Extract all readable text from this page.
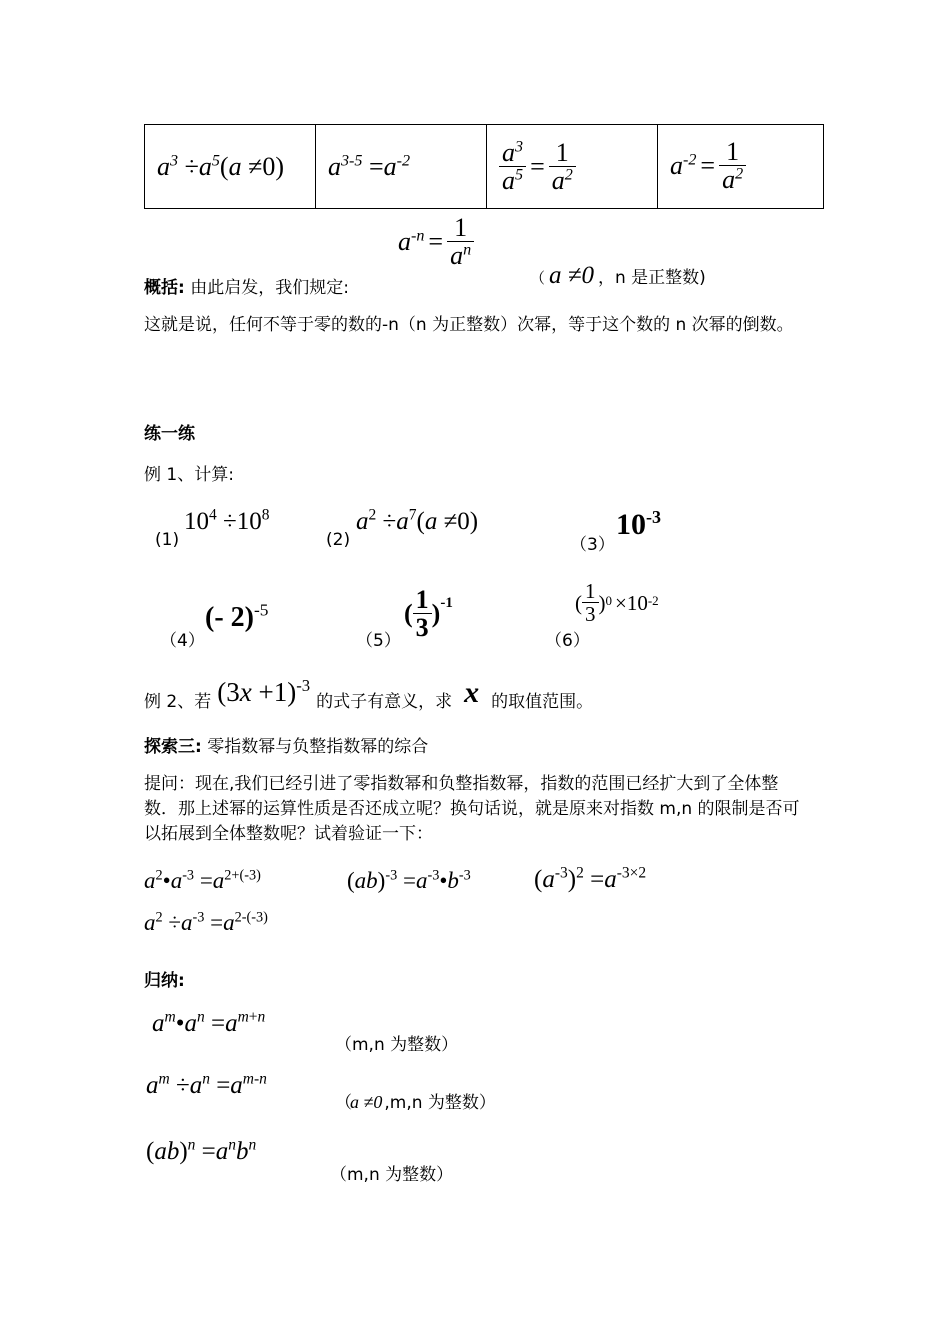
$a^3 \div a^5(a \ne 0)$	$a^{3-5} =a^{-2}$	$\frac{a^3}{a^5} = \frac{1}{a^2}$	$a^{-2} = \frac{1}{a^2}$
$a^{-n} = \frac{1}{a^n}$
概括: 由此启发，我们规定:	（ a ≠0 ，n 是正整数)
这就是说，任何不等于零的数的-n（n 为正整数）次幂，等于这个数的 n 次幂的倒数。
练一练
例 1、计算:
(1)
$10^4 \div 10^8$
(2)
$a^2 \div a^7(a \ne 0)$
（3）
$10^{-3}$
（4）
(- 2)$^{-5}$
（5）
( $\frac{1}{3} )^{-1}$
（6）
( $\frac{1}{3}$ ) 0 ×10 -2
例 2、若 $(3x +1)^{-3}$
的式子有意义，求 x 的取值范围。
探索三: 零指数幂与负整指数幂的综合
提问：现在,我们已经引进了零指数幂和负整指数幂，指数的范围已经扩大到了全体整数．那上述幂的运算性质是否还成立呢？换句话说，就是原来对指数 m,n 的限制是否可以拓展到全体整数呢？试着验证一下：
$a^2•a^{-3} =a^{2+(-3)}$	$(ab)^{-3} =a^{-3}•b^{-3}$	$(a^{-3})^2 =a^{-3\times 2}$
$a^2 \div a^{-3} =a^{2-(-3)}$
归纳:
$a^m•a^n =a^{m+n}$
（m,n 为整数）
$a^m \div a^n =a^{m-n}$
（
a ≠0 ,m,n 为整数）
$(ab)^n =a^nb^n$
（m,n 为整数）
